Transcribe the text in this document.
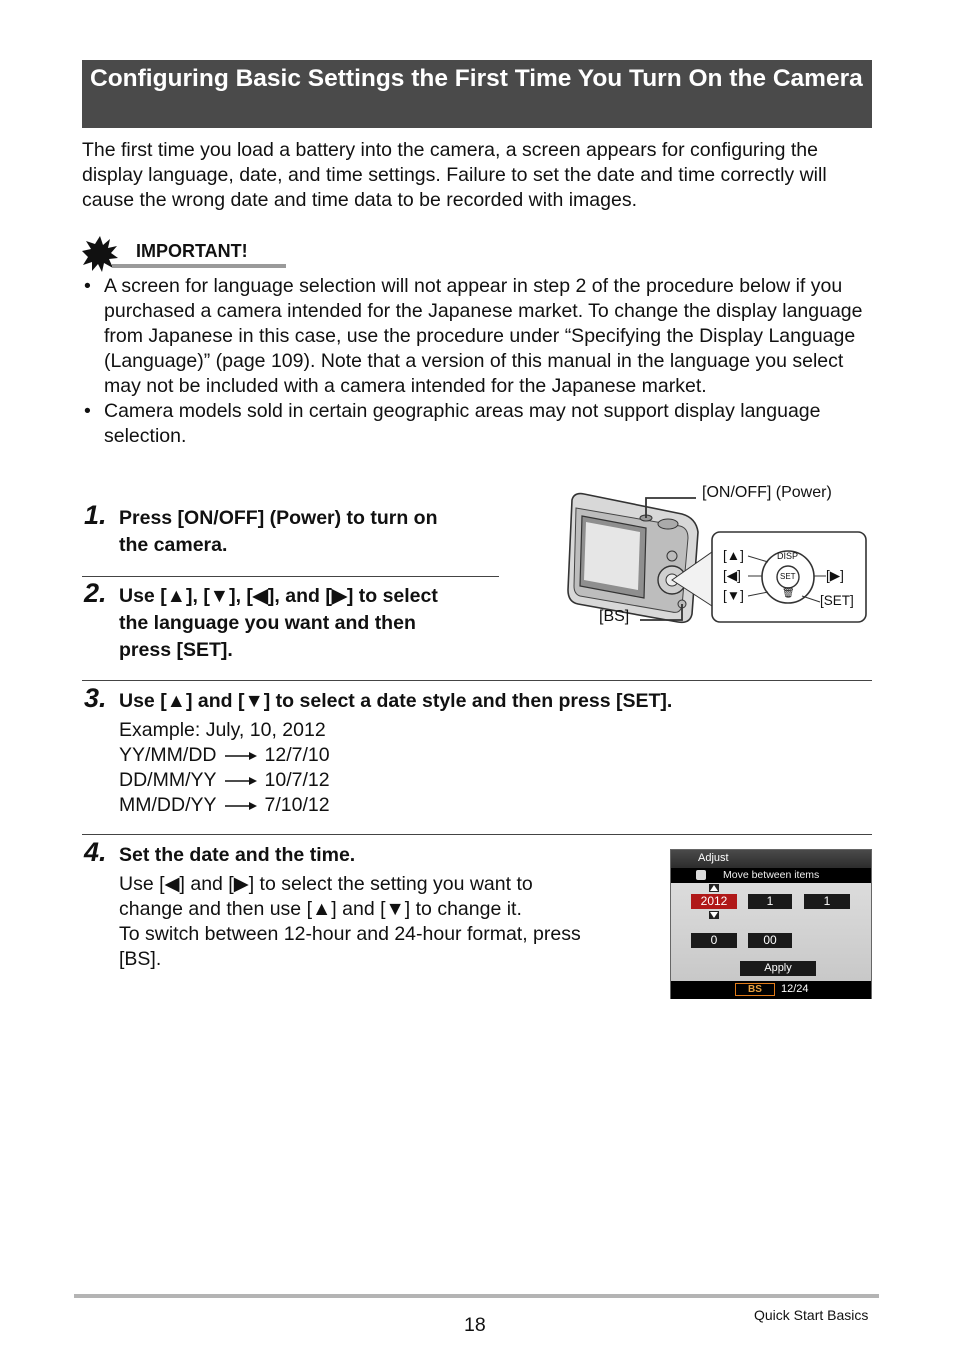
Configuring Basic Settings the First Time You Turn On the Camera

The first time you load a battery into the camera, a screen appears for configuring the display language, date, and time settings. Failure to set the date and time correctly will cause the wrong date and time data to be recorded with images.

IMPORTANT!
• A screen for language selection will not appear in step 2 of the procedure below if you purchased a camera intended for the Japanese market. To change the display language from Japanese in this case, use the procedure under “Specifying the Display Language (Language)” (page 109). Note that a version of this manual in the language you select may not be included with a camera intended for the Japanese market.
• Camera models sold in certain geographic areas may not support display language selection.
1. Press [ON/OFF] (Power) to turn on
the camera.
2. Use [▲], [▼], [◀], and [▶] to select
the language you want and then
press [SET].
[ON/OFF] (Power)
[BS]
[▲]
[◀]
[▼]
[▶]
[SET]
DISP
SET
🗑
3. Use [▲] and [▼] to select a date style and then press [SET].
Example: July, 10, 2012
YY/MM/DD 12/7/10
DD/MM/YY 10/7/12
MM/DD/YY 7/10/12
4. Set the date and the time.
Use [◀] and [▶] to select the setting you want to
change and then use [▲] and [▼] to change it.
To switch between 12-hour and 24-hour format, press
[BS].
Adjust
Move between items
2012	1	1
0	00
Apply
BS	12/24
18	Quick Start Basics
